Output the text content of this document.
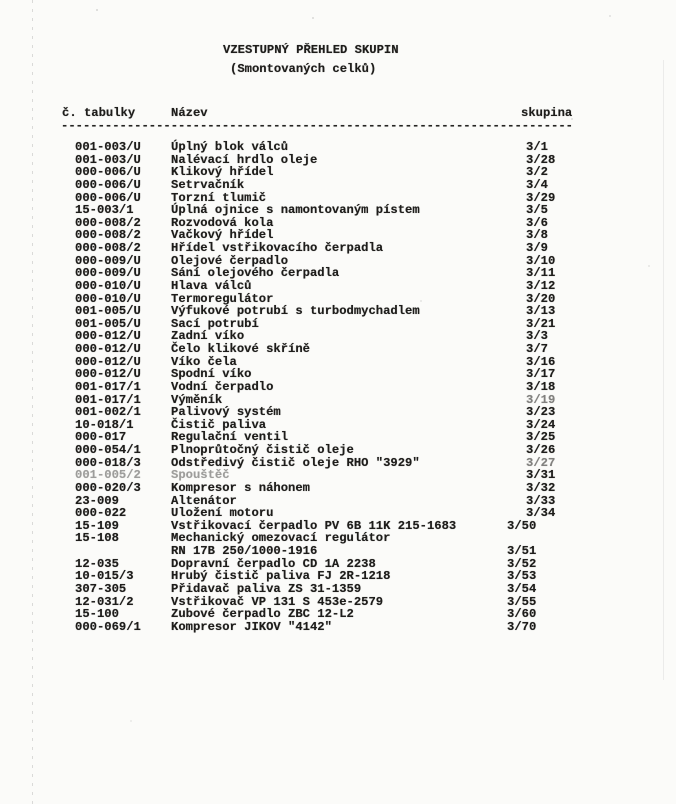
VZESTUPNÝ PŘEHLED SKUPIN
(Smontovaných celků)
č. tabulky	Název	skupina
----------------------------------------------------------------------
001-003/U Úplný blok válců	3/1
001-003/U Nalévací hrdlo oleje	3/28
000-006/U Klikový hřídel	3/2
000-006/U Setrvačník	3/4
000-006/U Torzní tlumič	3/29
15-003/1	Úplná ojnice s namontovaným pístem	3/5
000-008/2 Rozvodová kola	3/6
000-008/2 Vačkový hřídel	3/8
000-008/2 Hřídel vstřikovacího čerpadla	3/9
000-009/U Olejové čerpadlo	3/10
000-009/U Sání olejového čerpadla	3/11
000-010/U Hlava válců	3/12
000-010/U Termoregulátor	3/20
001-005/U Výfukové potrubí s turbodmychadlem	3/13
001-005/U Sací potrubí	3/21
000-012/U Zadní víko	3/3
000-012/U Čelo klikové skříně	3/7
000-012/U Víko čela	3/16
000-012/U Spodní víko	3/17
001-017/1 Vodní čerpadlo	3/18
001-017/1 Výměník	3/19
001-002/1 Palivový systém	3/23
10-018/1	Čistič paliva	3/24
000-017	Regulační ventil	3/25
000-054/1 Plnoprůtočný čistič oleje	3/26
000-018/3 Odstředivý čistič oleje RHO "3929"	3/27
001-005/2 Spouštěč	3/31
000-020/3 Kompresor s náhonem	3/32
23-009	Altenátor	3/33
000-022	Uložení motoru	3/34
15-109	Vstřikovací čerpadlo PV 6B 11K 215-1683	3/50
15-108	Mechanický omezovací regulátor
RN 17B 250/1000-1916	3/51
12-035	Dopravní čerpadlo CD 1A 2238	3/52
10-015/3	Hrubý čistič paliva FJ 2R-1218	3/53
307-305	Přidavač paliva ZS 31-1359	3/54
12-031/2	Vstřikovač VP 131 S 453e-2579	3/55
15-100	Zubové čerpadlo ZBC 12-L2	3/60
000-069/1 Kompresor JIKOV "4142"	3/70
